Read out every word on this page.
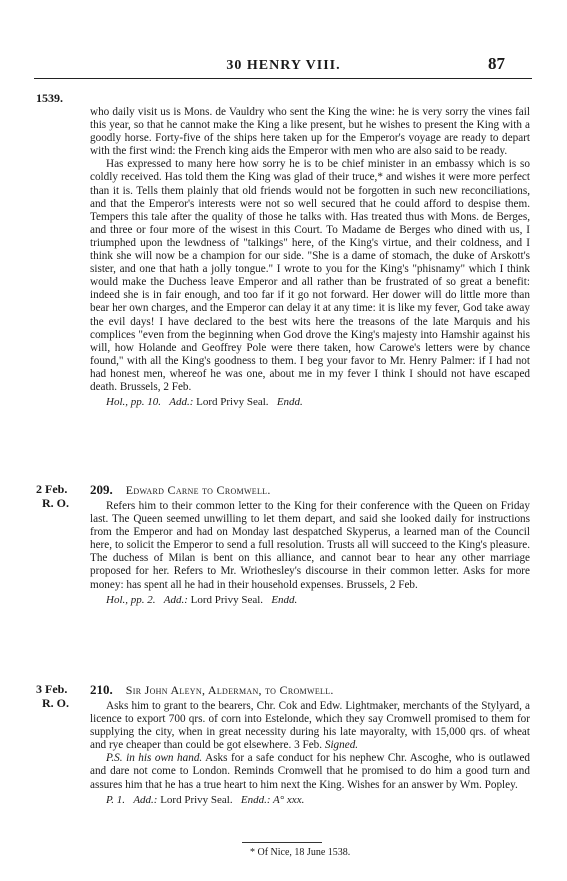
30 HENRY VIII.	87
1539.

who daily visit us is Mons. de Vauldry who sent the King the wine: he is very sorry the vines fail this year, so that he cannot make the King a like present, but he wishes to present the King with a goodly horse. Forty-five of the ships here taken up for the Emperor's voyage are ready to depart with the first wind: the French king aids the Emperor with men who are also said to be ready.

Has expressed to many here how sorry he is to be chief minister in an embassy which is so coldly received. Has told them the King was glad of their truce,* and wishes it were more perfect than it is. Tells them plainly that old friends would not be forgotten in such new reconciliations, and that the Emperor's interests were not so well secured that he could afford to despise them. Tempers this tale after the quality of those he talks with. Has treated thus with Mons. de Berges, and three or four more of the wisest in this Court. To Madame de Berges who dined with us, I triumphed upon the lewdness of "talkings" here, of the King's virtue, and their coldness, and I think she will now be a champion for our side. "She is a dame of stomach, the duke of Arskott's sister, and one that hath a jolly tongue." I wrote to you for the King's "phisnamy" which I think would make the Duchess leave Emperor and all rather than be frustrated of so great a benefit: indeed she is in fair enough, and too far if it go not forward. Her dower will do little more than bear her own charges, and the Emperor can delay it at any time: it is like my fever, God take away the evil days! I have declared to the best wits here the treasons of the late Marquis and his complices "even from the beginning when God drove the King's majesty into Hamshir against his will, how Holande and Geoffrey Pole were there taken, how Carowe's letters were by chance found," with all the King's goodness to them. I beg your favor to Mr. Henry Palmer: if I had not had honest men, whereof he was one, about me in my fever I think I should not have escaped death. Brussels, 2 Feb.

Hol., pp. 10. Add.: Lord Privy Seal. Endd.

2 Feb.
R. O.
209. Edward Carne to Cromwell.

Refers him to their common letter to the King for their conference with the Queen on Friday last. The Queen seemed unwilling to let them depart, and said she looked daily for instructions from the Emperor and had on Monday last despatched Skyperus, a learned man of the Council here, to solicit the Emperor to send a full resolution. Trusts all will succeed to the King's pleasure. The duchess of Milan is bent on this alliance, and cannot bear to hear any other marriage proposed for her. Refers to Mr. Wriothesley's discourse in their common letter. Asks for more money: has spent all he had in their household expenses. Brussels, 2 Feb.

Hol., pp. 2. Add.: Lord Privy Seal. Endd.

3 Feb.
R. O.
210. Sir John Aleyn, Alderman, to Cromwell.

Asks him to grant to the bearers, Chr. Cok and Edw. Lightmaker, merchants of the Stylyard, a licence to export 700 qrs. of corn into Estelonde, which they say Cromwell promised to them for supplying the city, when in great necessity during his late mayoralty, with 15,000 qrs. of wheat and rye cheaper than could be got elsewhere. 3 Feb. Signed.

P.S. in his own hand. Asks for a safe conduct for his nephew Chr. Ascoghe, who is outlawed and dare not come to London. Reminds Cromwell that he promised to do him a good turn and assures him that he has a true heart to him next the King. Wishes for an answer by Wm. Popley.

P. 1. Add.: Lord Privy Seal. Endd.: A° xxx.

* Of Nice, 18 June 1538.
